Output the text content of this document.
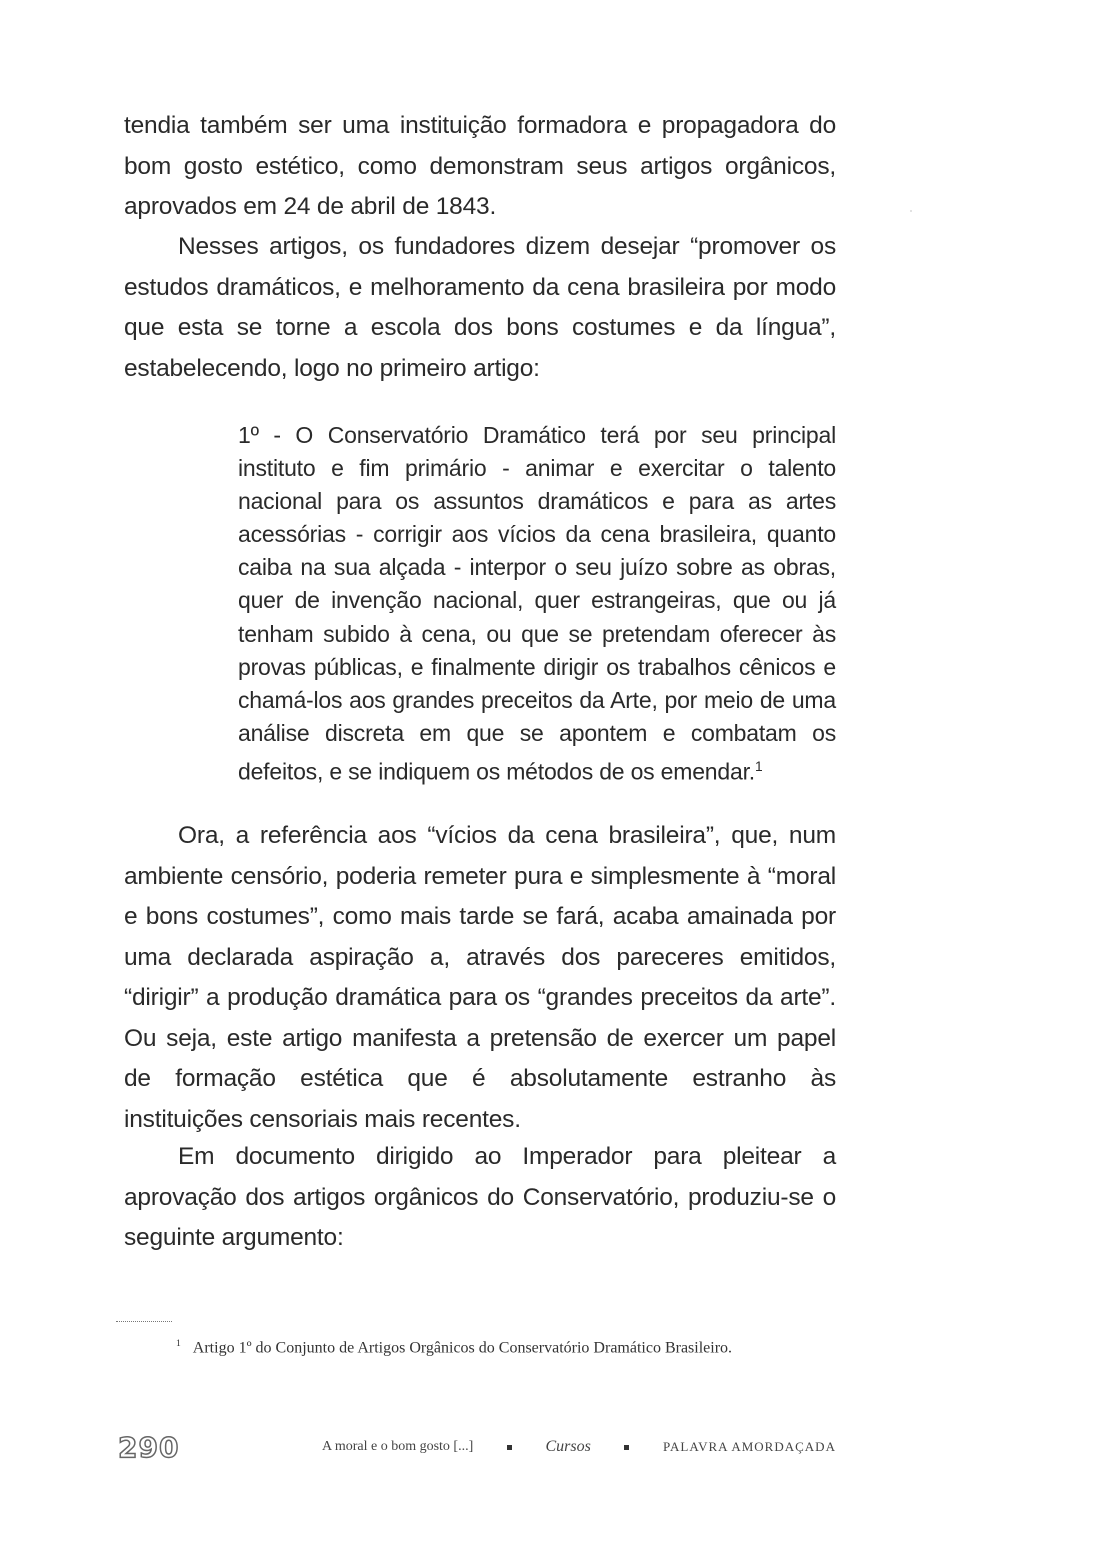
tendia também ser uma instituição formadora e propagadora do bom gosto estético, como demonstram seus artigos orgânicos, aprovados em 24 de abril de 1843.

Nesses artigos, os fundadores dizem desejar “promover os estudos dramáticos, e melhoramento da cena brasileira por modo que esta se torne a escola dos bons costumes e da língua”, estabelecendo, logo no primeiro artigo:

1º - O Conservatório Dramático terá por seu principal instituto e fim primário - animar e exercitar o talento nacional para os assuntos dramáticos e para as artes acessórias - corrigir aos vícios da cena brasileira, quanto caiba na sua alçada - interpor o seu juízo sobre as obras, quer de invenção nacional, quer estrangeiras, que ou já tenham subido à cena, ou que se pretendam oferecer às provas públicas, e finalmente dirigir os trabalhos cênicos e chamá-los aos grandes preceitos da Arte, por meio de uma análise discreta em que se apontem e combatam os defeitos, e se indiquem os métodos de os emendar.$^1$

Ora, a referência aos “vícios da cena brasileira”, que, num ambiente censório, poderia remeter pura e simplesmente à “moral e bons costumes”, como mais tarde se fará, acaba amainada por uma declarada aspiração a, através dos pareceres emitidos, “dirigir” a produção dramática para os “grandes preceitos da arte”. Ou seja, este artigo manifesta a pretensão de exercer um papel de formação estética que é absolutamente estranho às instituições censoriais mais recentes.

Em documento dirigido ao Imperador para pleitear a aprovação dos artigos orgânicos do Conservatório, produziu-se o seguinte argumento:

$^1$ Artigo 1º do Conjunto de Artigos Orgânicos do Conservatório Dramático Brasileiro.
290	A moral e o bom gosto [...]	Cursos	PALAVRA AMORDAÇADA
